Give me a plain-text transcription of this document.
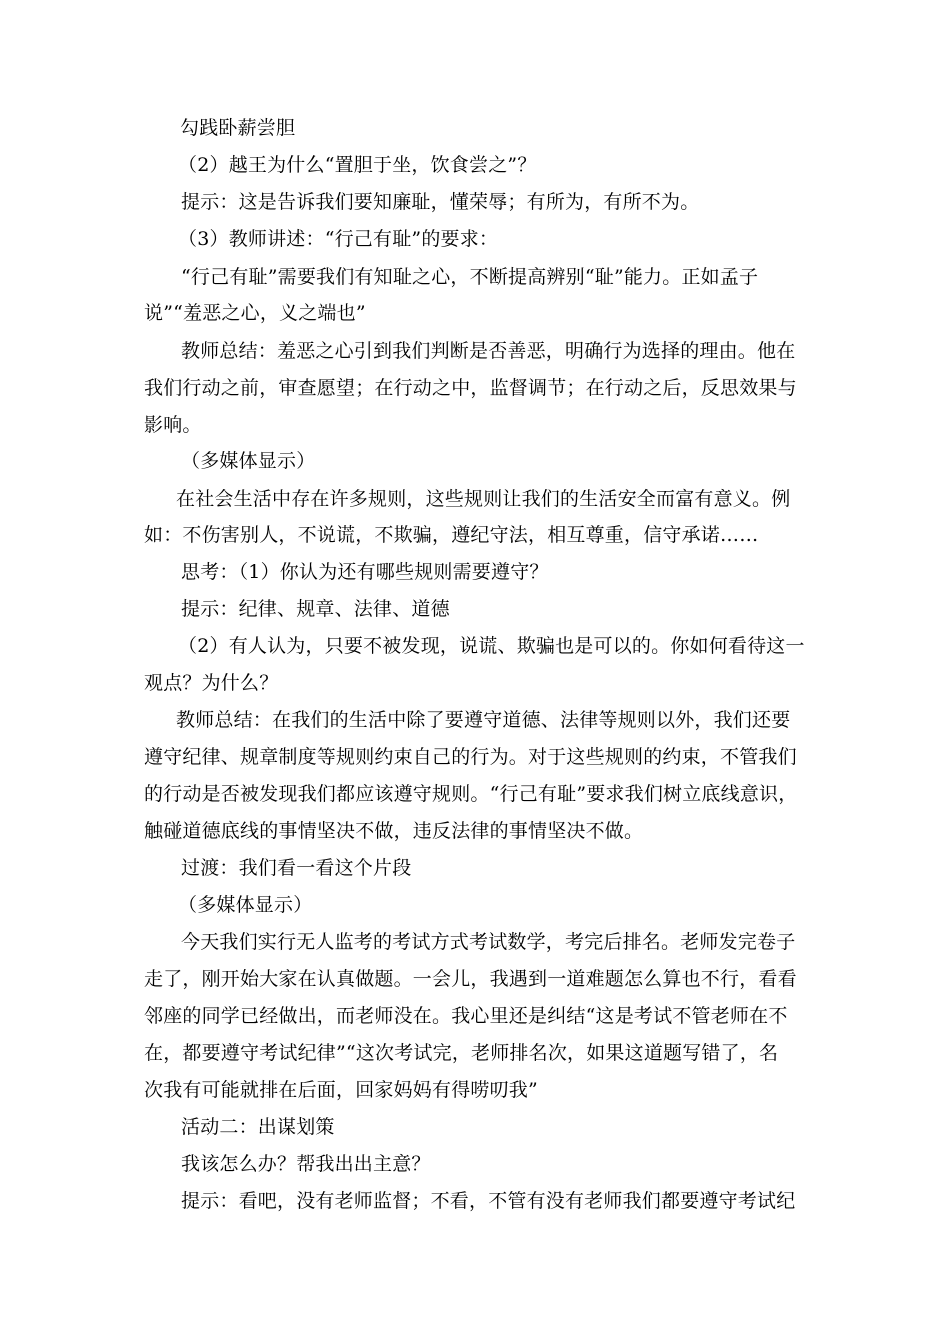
勾践卧薪尝胆
（2）越王为什么“置胆于坐，饮食尝之”？
提示：这是告诉我们要知廉耻，懂荣辱；有所为，有所不为。
（3）教师讲述：“行己有耻”的要求：
“行己有耻”需要我们有知耻之心，不断提高辨别“耻”能力。正如孟子
说”“羞恶之心，义之端也”
教师总结：羞恶之心引到我们判断是否善恶，明确行为选择的理由。他在
我们行动之前，审查愿望；在行动之中，监督调节；在行动之后，反思效果与
影响。
（多媒体显示）
在社会生活中存在许多规则，这些规则让我们的生活安全而富有意义。例
如：不伤害别人，不说谎，不欺骗，遵纪守法，相互尊重，信守承诺……
思考：（1）你认为还有哪些规则需要遵守？
提示：纪律、规章、法律、道德
（2）有人认为，只要不被发现，说谎、欺骗也是可以的。你如何看待这一
观点？为什么？
教师总结：在我们的生活中除了要遵守道德、法律等规则以外，我们还要
遵守纪律、规章制度等规则约束自己的行为。对于这些规则的约束，不管我们
的行动是否被发现我们都应该遵守规则。“行己有耻”要求我们树立底线意识，
触碰道德底线的事情坚决不做，违反法律的事情坚决不做。
过渡：我们看一看这个片段
（多媒体显示）
今天我们实行无人监考的考试方式考试数学，考完后排名。老师发完卷子
走了，刚开始大家在认真做题。一会儿，我遇到一道难题怎么算也不行，看看
邻座的同学已经做出，而老师没在。我心里还是纠结“这是考试不管老师在不
在，都要遵守考试纪律”“这次考试完，老师排名次，如果这道题写错了，名
次我有可能就排在后面，回家妈妈有得唠叨我”
活动二：出谋划策
我该怎么办？帮我出出主意？
提示：看吧，没有老师监督；不看，不管有没有老师我们都要遵守考试纪
